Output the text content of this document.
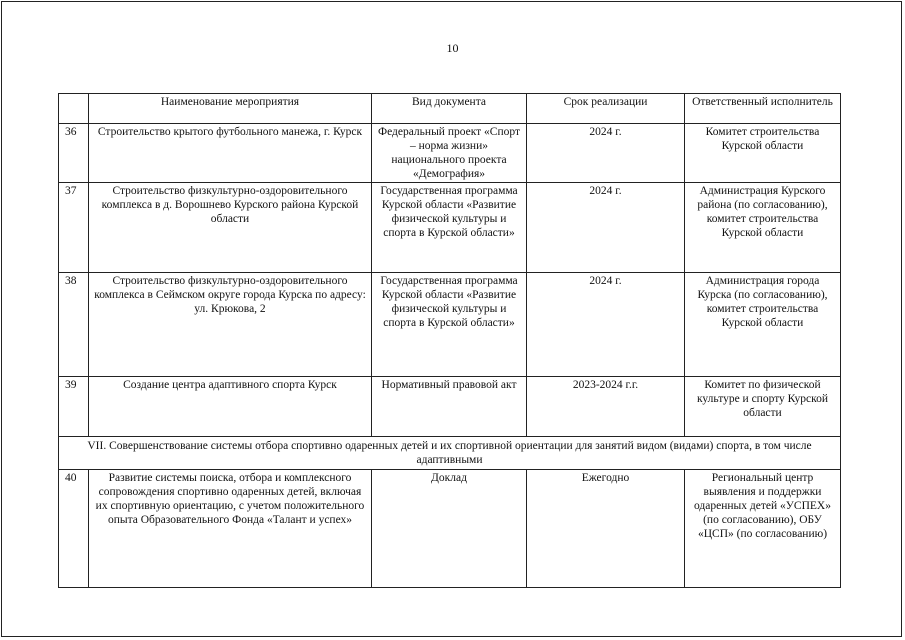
10
	Наименование мероприятия	Вид документа	Срок реализации	Ответственный исполнитель
36	Строительство крытого футбольного манежа, г. Курск	Федеральный проект «Спорт – норма жизни» национального проекта «Демография»	2024 г.	Комитет строительства Курской области
37	Строительство физкультурно-оздоровительного комплекса в д. Ворошнево Курского района Курской области	Государственная программа Курской области «Развитие физической культуры и спорта в Курской области»	2024 г.	Администрация Курского района (по согласованию), комитет строительства Курской области
38	Строительство физкультурно-оздоровительного комплекса в Сеймском округе города Курска по адресу: ул. Крюкова, 2	Государственная программа Курской области «Развитие физической культуры и спорта в Курской области»	2024 г.	Администрация города Курска (по согласованию), комитет строительства Курской области
39	Создание центра адаптивного спорта Курск	Нормативный правовой акт	2023-2024 г.г.	Комитет по физической культуре и спорту Курской области
VII. Совершенствование системы отбора спортивно одаренных детей и их спортивной ориентации для занятий видом (видами) спорта, в том числе адаптивными				
40	Развитие системы поиска, отбора и комплексного сопровождения спортивно одаренных детей, включая их спортивную ориентацию, с учетом положительного опыта Образовательного Фонда «Талант и успех»	Доклад	Ежегодно	Региональный центр выявления и поддержки одаренных детей «УСПЕХ» (по согласованию), ОБУ «ЦСП» (по согласованию)
